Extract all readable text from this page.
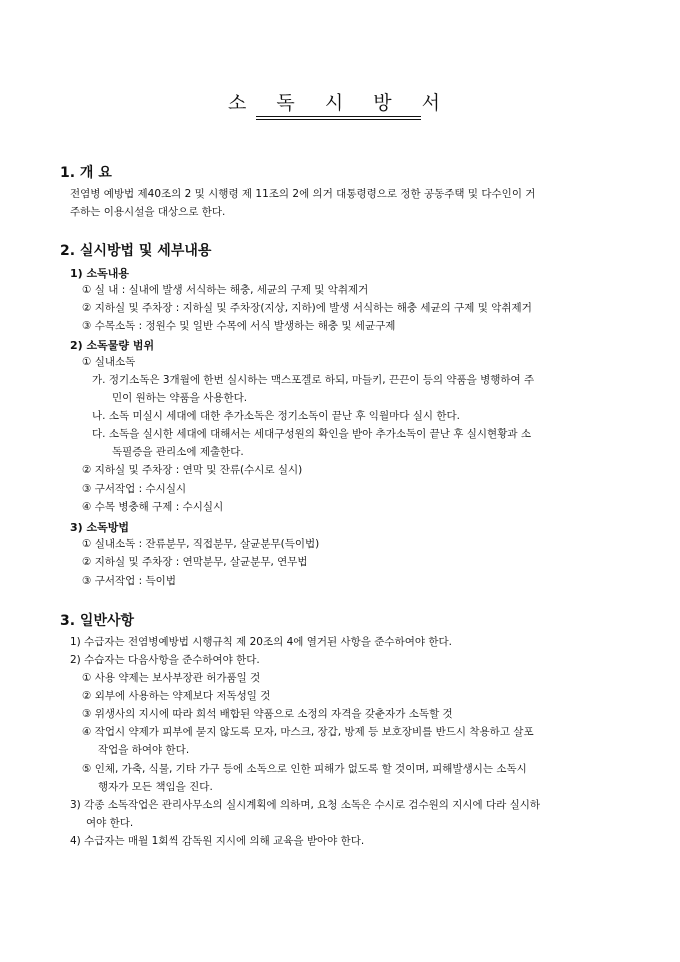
소 독 시 방 서
1. 개 요
전염병 예방법 제40조의 2 및 시행령 제 11조의 2에 의거 대통령령으로 정한 공동주택 및 다수인이 거
주하는 이용시설을 대상으로 한다.
2. 실시방법 및 세부내용
1) 소독내용
① 실 내 : 실내에 발생 서식하는 해충, 세균의 구제 및 악취제거
② 지하실 및 주차장 : 지하실 및 주차장(지상, 지하)에 발생 서식하는 해충 세균의 구제 및 악취제거
③ 수목소독 : 정원수 및 일반 수목에 서식 발생하는 해충 및 세균구제
2) 소독물량 범위
① 실내소독
가. 정기소독은 3개월에 한번 실시하는 맥스포겔로 하되, 마들키, 끈끈이 등의 약품을 병행하여 주
민이 원하는 약품을 사용한다.
나. 소독 미실시 세대에 대한 추가소독은 정기소독이 끝난 후 익월마다 실시 한다.
다. 소독을 실시한 세대에 대해서는 세대구성원의 확인을 받아 추가소독이 끝난 후 실시현황과 소
독필증을 관리소에 제출한다.
② 지하실 및 주차장 : 연막 및 잔류(수시로 실시)
③ 구서작업 : 수시실시
④ 수목 병충해 구제 : 수시실시
3) 소독방법
① 실내소독 : 잔류분무, 직접분무, 살균분무(득이법)
② 지하실 및 주차장 : 연막분무, 살균분무, 연무법
③ 구서작업 : 득이법
3. 일반사항
1) 수급자는 전염병예방법 시행규칙 제 20조의 4에 열거된 사항을 준수하여야 한다.
2) 수습자는 다음사항을 준수하여야 한다.
① 사용 약제는 보사부장관 허가품일 것
② 외부에 사용하는 약제보다 저독성일 것
③ 위생사의 지시에 따라 희석 배합된 약품으로 소정의 자격을 갖춘자가 소독할 것
④ 작업시 약제가 피부에 묻지 않도록 모자, 마스크, 장갑, 방제 등 보호장비를 반드시 착용하고 살포
작업을 하여야 한다.
⑤ 인체, 가축, 식물, 기타 가구 등에 소독으로 인한 피해가 없도록 할 것이며, 피해발생시는 소독시
행자가 모든 책임을 진다.
3) 각종 소독작업은 관리사무소의 실시계획에 의하며, 요청 소독은 수시로 검수원의 지시에 다라 실시하
여야 한다.
4) 수급자는 매월 1회씩 감독원 지시에 의해 교육을 받아야 한다.
